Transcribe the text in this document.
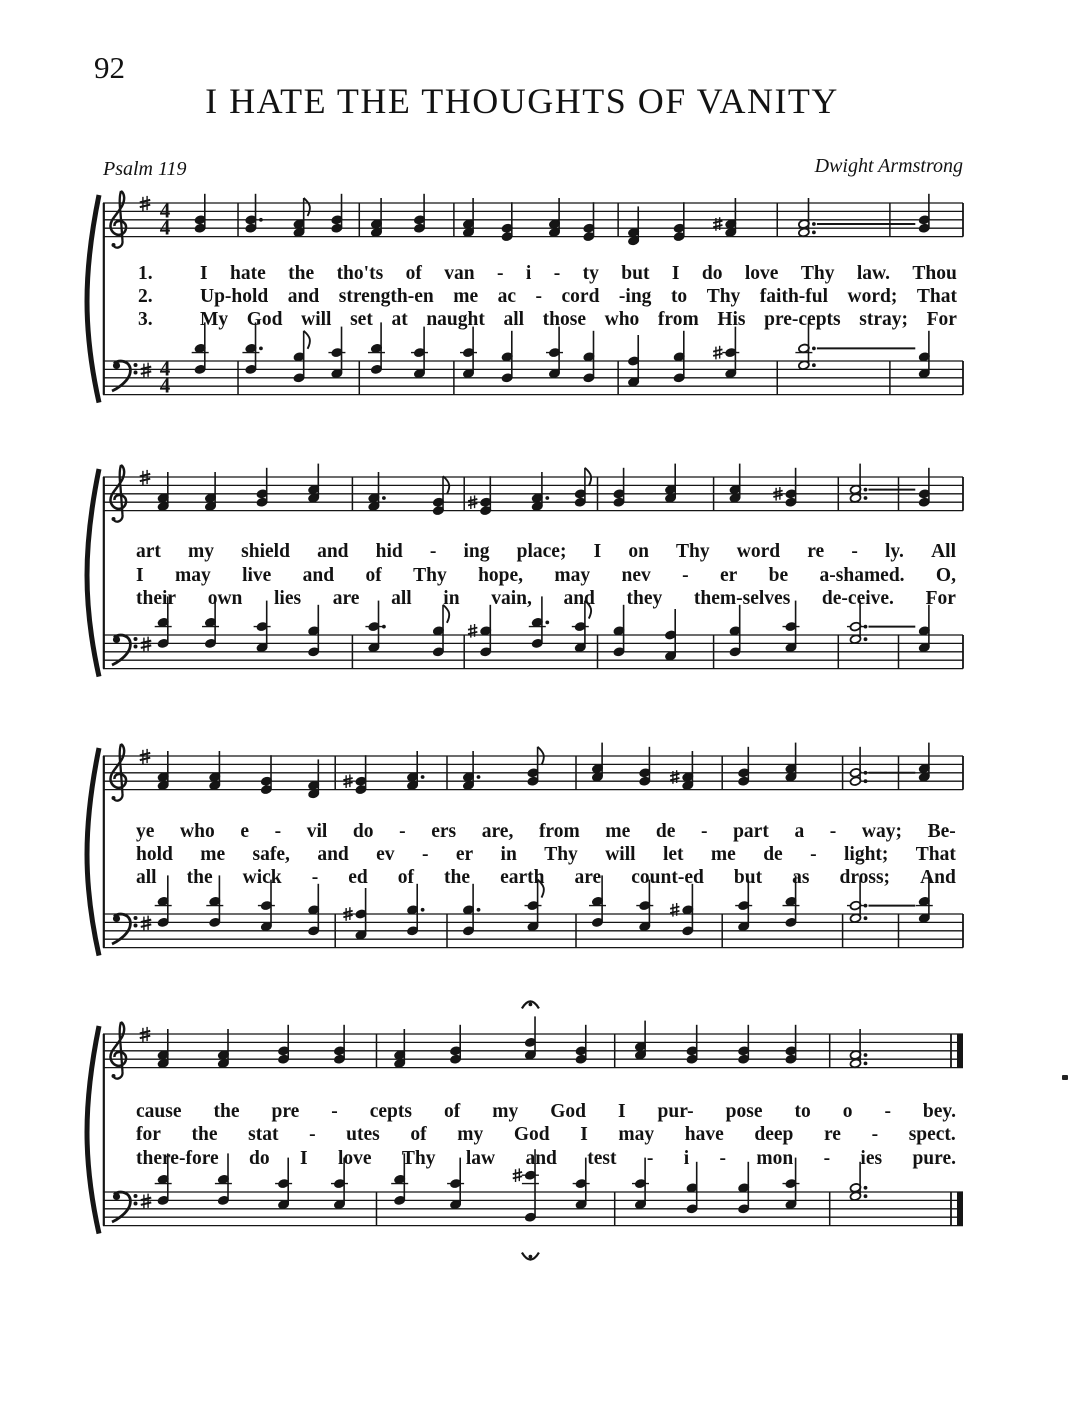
92
I HATE THE THOUGHTS OF VANITY
Psalm 119	Dwight Armstrong
4
4
4
4
1. I hate the tho'ts of van - i - ty but I do love Thy law. Thou
2. Up-hold and strength-en me ac - cord -ing to Thy faith-ful word; That
3. My God will set at naught all those who from His pre-cepts stray; For
art my shield and hid - ing place; I on Thy word re - ly. All
I may live and of Thy hope, may nev - er be a-shamed. O,
their own lies are all in vain, and they them-selves de-ceive. For
ye who e - vil do - ers are, from me de - part a - way; Be-
hold me safe, and ev - er in Thy will let me de - light; That
all the wick - ed of the earth are count-ed but as dross; And
cause the pre - cepts of my God I pur- pose to o - bey.
for the stat - utes of my God I may have deep re - spect.
there-fore do I love Thy law and test - i - mon - ies pure.
